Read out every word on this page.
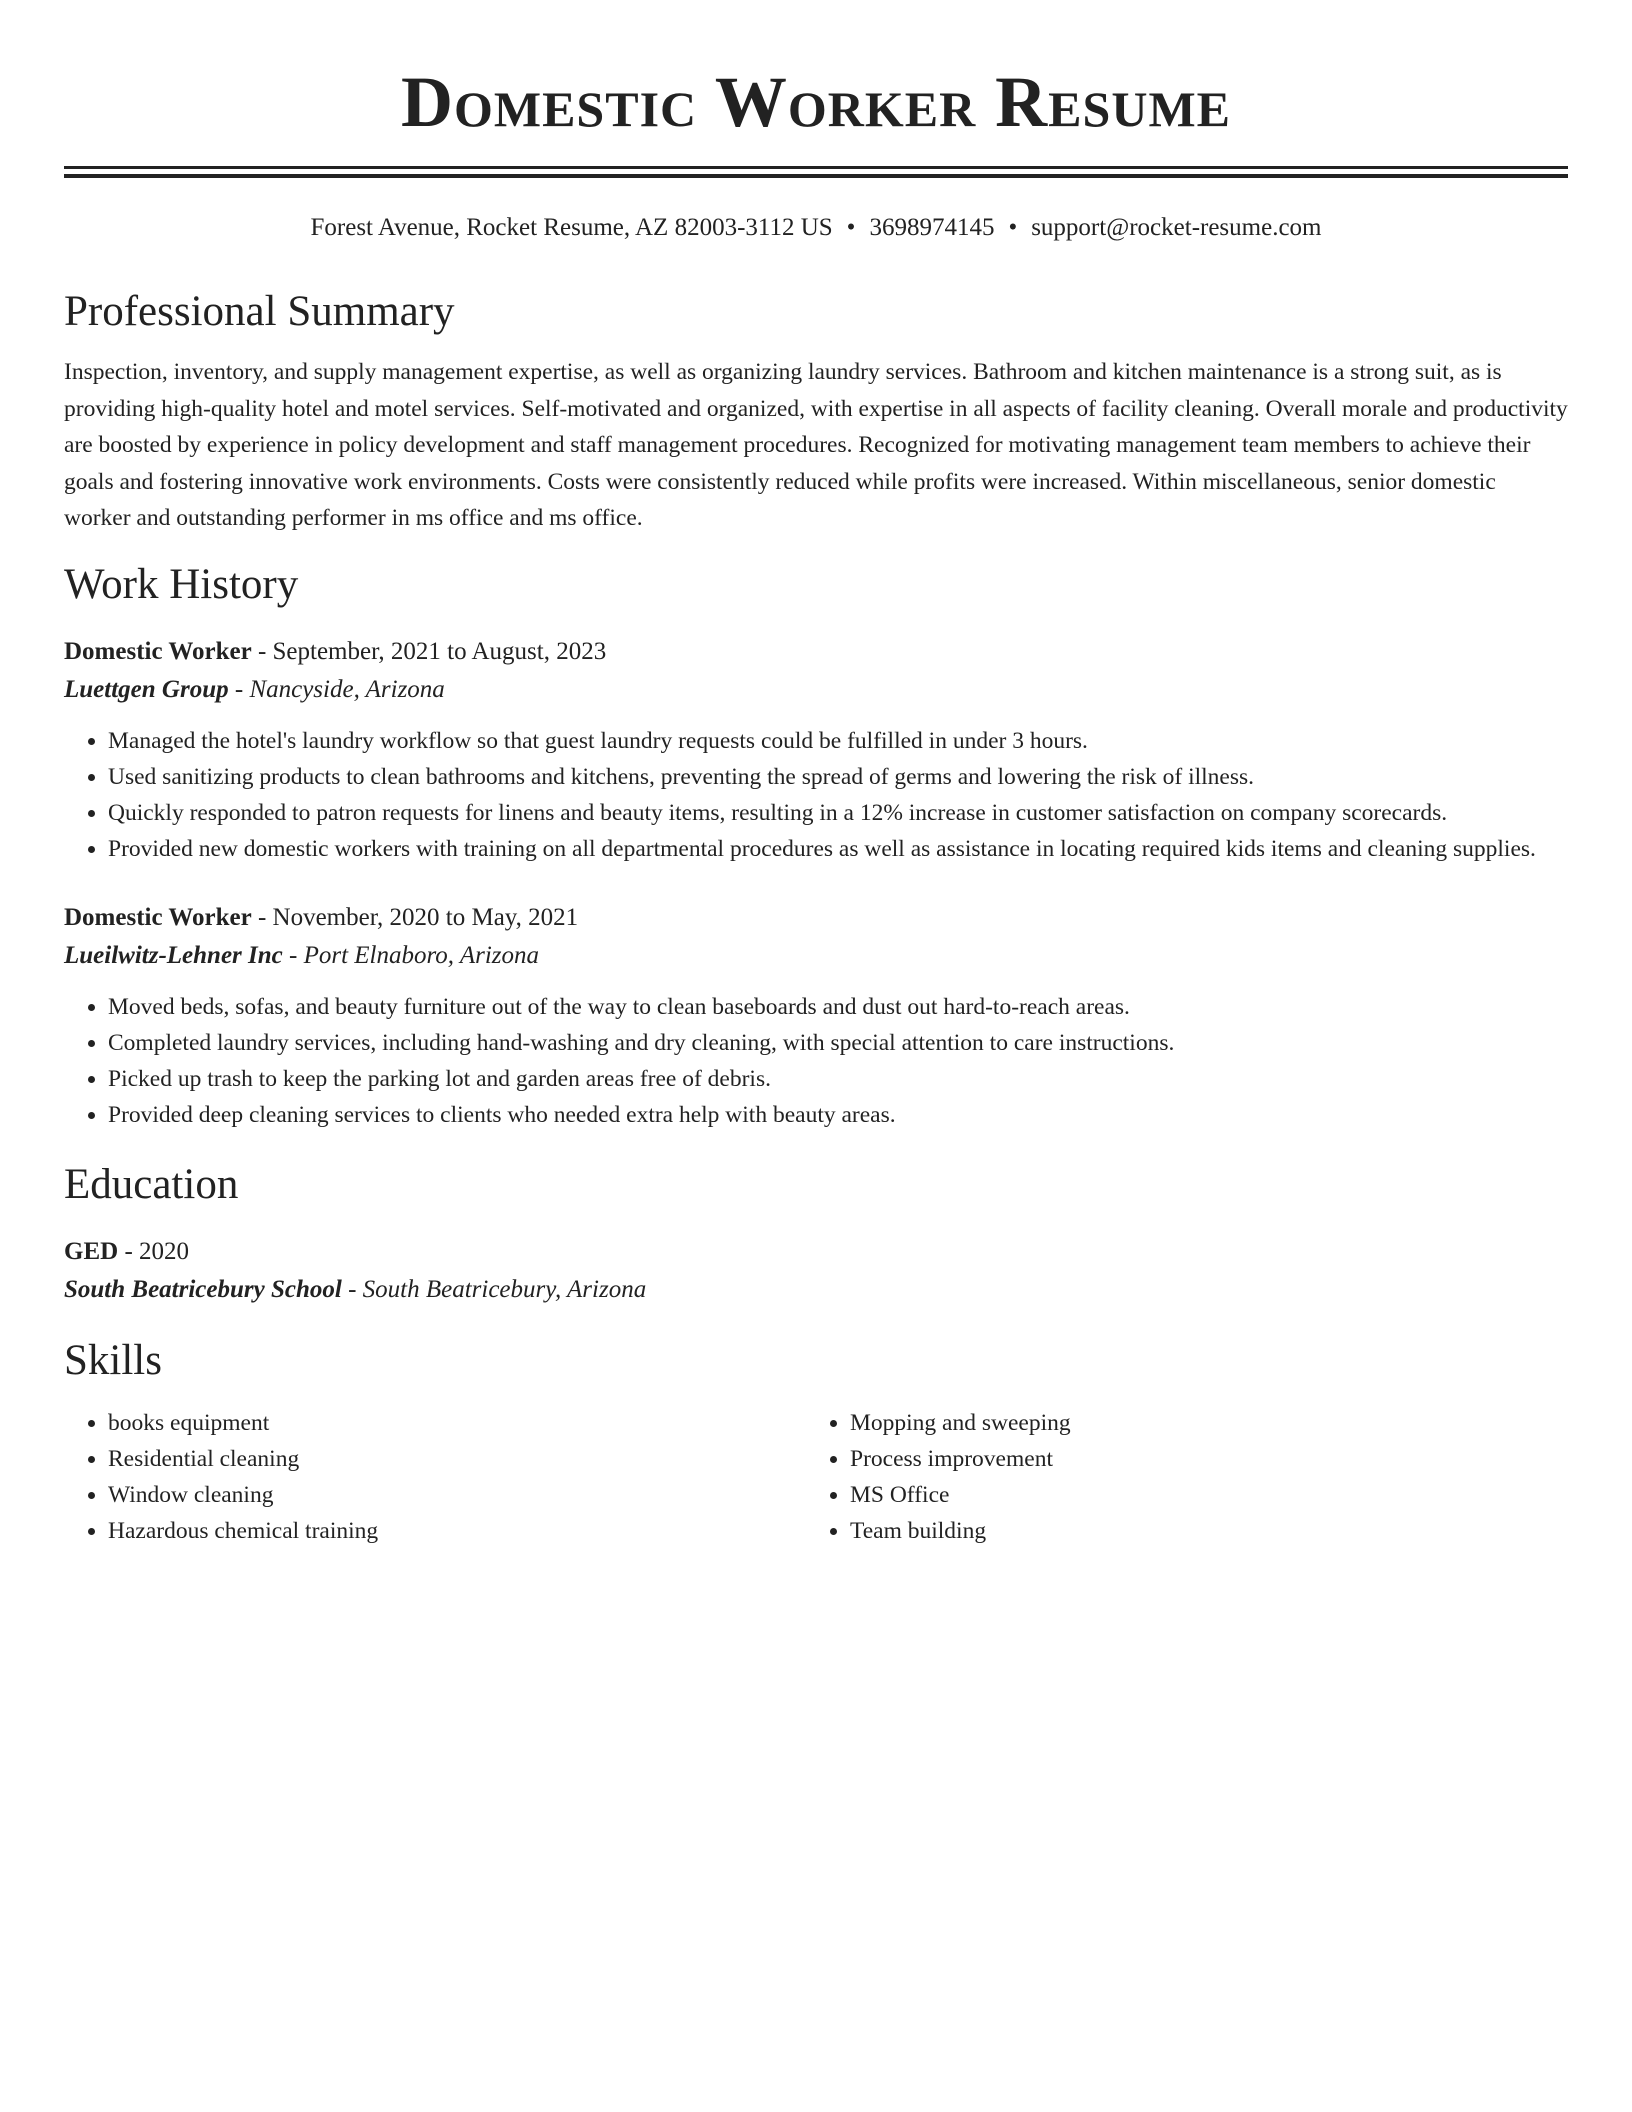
Domestic Worker Resume
Forest Avenue, Rocket Resume, AZ 82003-3112 US • 3698974145 • support@rocket-resume.com
Professional Summary
Inspection, inventory, and supply management expertise, as well as organizing laundry services. Bathroom and kitchen maintenance is a strong suit, as is providing high-quality hotel and motel services. Self-motivated and organized, with expertise in all aspects of facility cleaning. Overall morale and productivity are boosted by experience in policy development and staff management procedures. Recognized for motivating management team members to achieve their goals and fostering innovative work environments. Costs were consistently reduced while profits were increased. Within miscellaneous, senior domestic worker and outstanding performer in ms office and ms office.
Work History
Domestic Worker - September, 2021 to August, 2023
Luettgen Group - Nancyside, Arizona
• Managed the hotel's laundry workflow so that guest laundry requests could be fulfilled in under 3 hours.
• Used sanitizing products to clean bathrooms and kitchens, preventing the spread of germs and lowering the risk of illness.
• Quickly responded to patron requests for linens and beauty items, resulting in a 12% increase in customer satisfaction on company scorecards.
• Provided new domestic workers with training on all departmental procedures as well as assistance in locating required kids items and cleaning supplies.
Domestic Worker - November, 2020 to May, 2021
Lueilwitz-Lehner Inc - Port Elnaboro, Arizona
• Moved beds, sofas, and beauty furniture out of the way to clean baseboards and dust out hard-to-reach areas.
• Completed laundry services, including hand-washing and dry cleaning, with special attention to care instructions.
• Picked up trash to keep the parking lot and garden areas free of debris.
• Provided deep cleaning services to clients who needed extra help with beauty areas.
Education
GED - 2020
South Beatricebury School - South Beatricebury, Arizona
Skills
• books equipment
• Residential cleaning
• Window cleaning
• Hazardous chemical training
• Mopping and sweeping
• Process improvement
• MS Office
• Team building
